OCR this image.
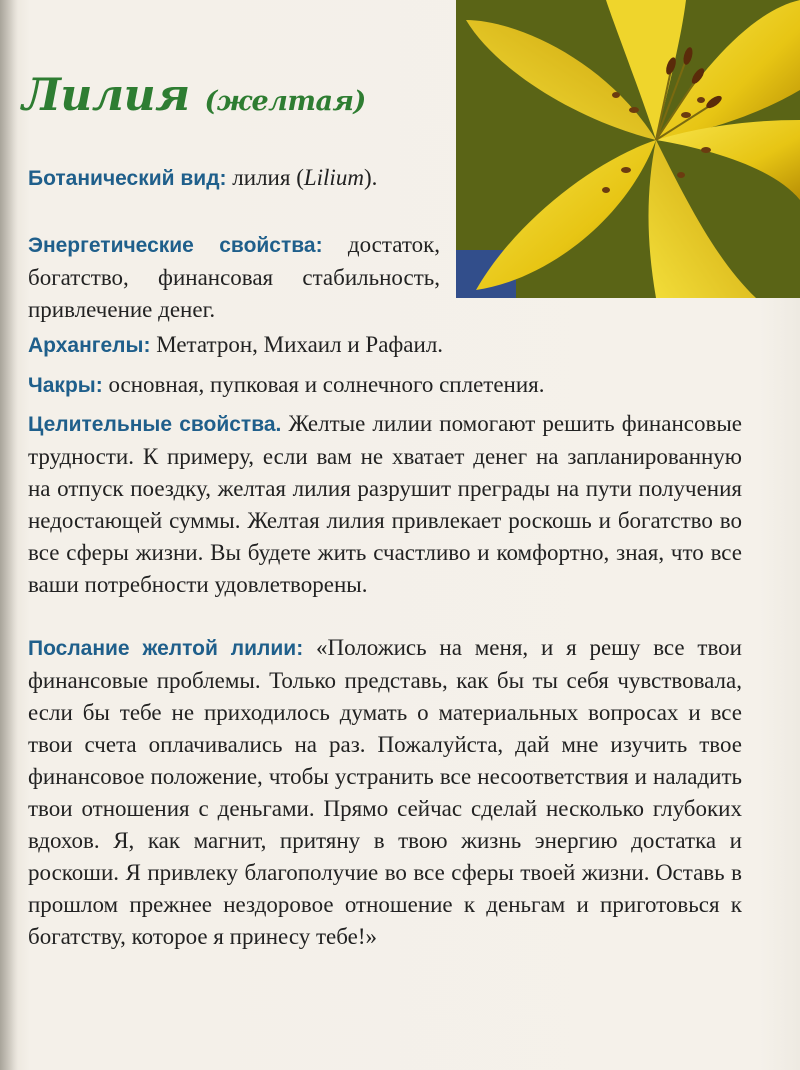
Лилия (желтая)

Ботанический вид: лилия (Lilium).

Энергетические свойства: достаток, богатство, финансовая стабильность, привлечение денег.

Архангелы: Метатрон, Михаил и Рафаил.

Чакры: основная, пупковая и солнечного сплетения.

Целительные свойства. Желтые лилии помогают решить финансовые трудности. К примеру, если вам не хватает денег на запланированную на отпуск поездку, желтая лилия разрушит преграды на пути получения недостающей суммы. Желтая лилия привлекает роскошь и богатство во все сферы жизни. Вы будете жить счастливо и комфортно, зная, что все ваши потребности удовлетворены.

Послание желтой лилии: «Положись на меня, и я решу все твои финансовые проблемы. Только представь, как бы ты себя чувствовала, если бы тебе не приходилось думать о материальных вопросах и все твои счета оплачивались на раз. Пожалуйста, дай мне изучить твое финансовое положение, чтобы устранить все несоответствия и наладить твои отношения с деньгами. Прямо сейчас сделай несколько глубоких вдохов. Я, как магнит, притяну в твою жизнь энергию достатка и роскоши. Я привлеку благополучие во все сферы твоей жизни. Оставь в прошлом прежнее нездоровое отношение к деньгам и приготовься к богатству, которое я принесу тебе!»
